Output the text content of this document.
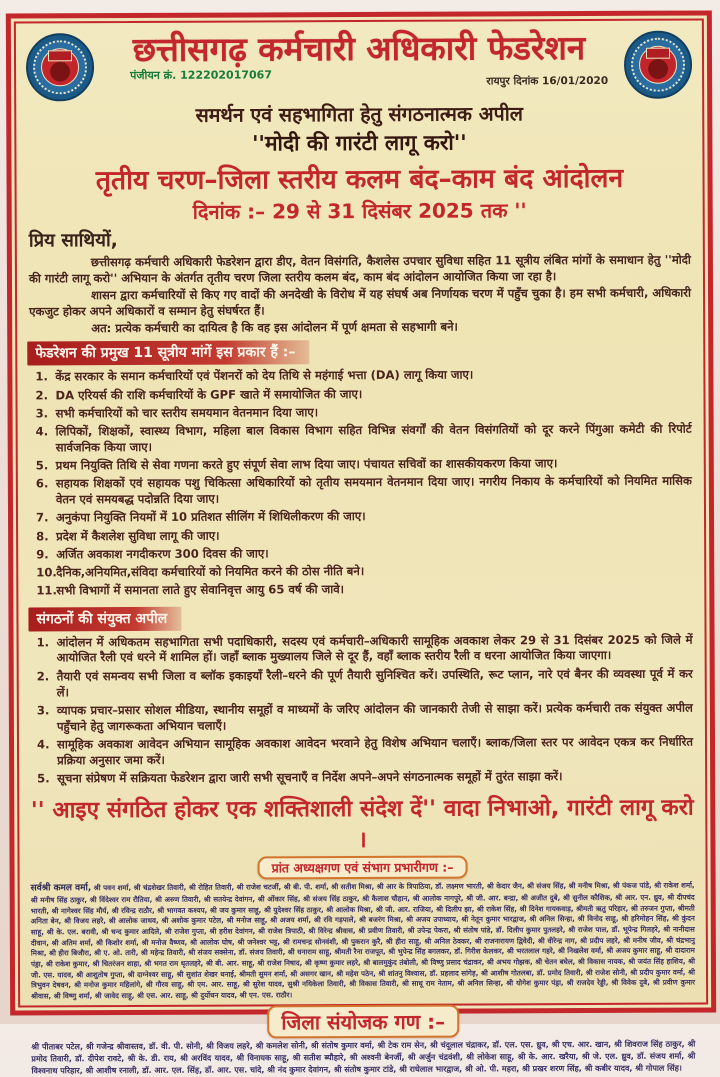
छत्तीसगढ़ कर्मचारी अधिकारी फेडरेशन
पंजीयन क्रं. 122202017067	रायपुर दिनांक 16/01/2020
समर्थन एवं सहभागिता हेतु संगठनात्मक अपील
''मोदी की गारंटी लागू करो''
तृतीय चरण–जिला स्तरीय कलम बंद–काम बंद आंदोलन
दिनांक :– 29 से 31 दिसंबर 2025 तक ''
प्रिय साथियों,

छत्तीसगढ़ कर्मचारी अधिकारी फेडरेशन द्वारा डीए, वेतन विसंगति, कैशलेस उपचार सुविधा सहित 11 सूत्रीय लंबित मांगों के समाधान हेतु ''मोदी की गारंटी लागू करो'' अभियान के अंतर्गत तृतीय चरण जिला स्तरीय कलम बंद, काम बंद आंदोलन आयोजित किया जा रहा है।

शासन द्वारा कर्मचारियों से किए गए वादों की अनदेखी के विरोध में यह संघर्ष अब निर्णायक चरण में पहुँच चुका है। हम सभी कर्मचारी, अधिकारी एकजुट होकर अपने अधिकारों व सम्मान हेतु संघर्षरत हैं।

अत: प्रत्येक कर्मचारी का दायित्व है कि वह इस आंदोलन में पूर्ण क्षमता से सहभागी बने।

फेडरेशन की प्रमुख 11 सूत्रीय मांगें इस प्रकार हैं :–
केंद्र सरकार के समान कर्मचारियों एवं पेंशनरों को देय तिथि से महंगाई भत्ता (DA) लागू किया जाए।
DA एरियर्स की राशि कर्मचारियों के GPF खाते में समायोजित की जाए।
सभी कर्मचारियों को चार स्तरीय समयमान वेतनमान दिया जाए।
लिपिकों, शिक्षकों, स्वास्थ्य विभाग, महिला बाल विकास विभाग सहित विभिन्न संवर्गों की वेतन विसंगतियों को दूर करने पिंगुआ कमेटी की रिपोर्ट सार्वजनिक किया जाए।
प्रथम नियुक्ति तिथि से सेवा गणना करते हुए संपूर्ण सेवा लाभ दिया जाए। पंचायत सचिवों का शासकीयकरण किया जाए।
सहायक शिक्षकों एवं सहायक पशु चिकित्सा अधिकारियों को तृतीय समयमान वेतनमान दिया जाए। नगरीय निकाय के कर्मचारियों को नियमित मासिक वेतन एवं समयबद्ध पदोन्नति दिया जाए।
अनुकंपा नियुक्ति नियमों में 10 प्रतिशत सीलिंग में शिथिलीकरण की जाए।
प्रदेश में कैशलेश सुविधा लागू की जाए।
अर्जित अवकाश नगदीकरण 300 दिवस की जाए।
दैनिक,अनियमित,संविदा कर्मचारियों को नियमित करने की ठोस नीति बने।
सभी विभागों में समानता लाते हुए सेवानिवृत्त आयु 65 वर्ष की जावे।
संगठनों की संयुक्त अपील
आंदोलन में अधिकतम सहभागिता सभी पदाधिकारी, सदस्य एवं कर्मचारी–अधिकारी सामूहिक अवकाश लेकर 29 से 31 दिसंबर 2025 को जिले में आयोजित रैली एवं धरने में शामिल हों। जहाँ ब्लाक मुख्यालय जिले से दूर हैं, वहाँ ब्लाक स्तरीय रैली व धरना आयोजित किया जाएगा।
तैयारी एवं समन्वय सभी जिला व ब्लॉक इकाइयाँ रैली–धरने की पूर्ण तैयारी सुनिश्चित करें। उपस्थिति, रूट प्लान, नारे एवं बैनर की व्यवस्था पूर्व में कर लें।
व्यापक प्रचार–प्रसार सोशल मीडिया, स्थानीय समूहों व माध्यमों के जरिए आंदोलन की जानकारी तेजी से साझा करें। प्रत्येक कर्मचारी तक संयुक्त अपील पहुँचाने हेतु जागरूकता अभियान चलाएँ।
सामूहिक अवकाश आवेदन अभियान सामूहिक अवकाश आवेदन भरवाने हेतु विशेष अभियान चलाएँ। ब्लाक/जिला स्तर पर आवेदन एकत्र कर निर्धारित प्रक्रिया अनुसार जमा करें।
सूचना संप्रेषण में सक्रियता फेडरेशन द्वारा जारी सभी सूचनाएँ व निर्देश अपने–अपने संगठनात्मक समूहों में तुरंत साझा करें।
'' आइए संगठित होकर एक शक्तिशाली संदेश दें'' वादा निभाओ, गारंटी लागू करो ।
प्रांत अध्यक्षगण एवं संभाग प्रभारीगण :–

सर्वश्री कमल वर्मा, श्री पवन शर्मा, श्री चंद्रशेखर तिवारी, श्री रोहित तिवारी, श्री राजेश चटर्जी, श्री बी. पी. शर्मा, श्री सतीश मिश्रा, श्री आर के त्रिपाठिया, डॉ. लक्ष्मण भारती, श्री केदार जैन, श्री संजय सिंह, श्री मनीष मिश्रा, श्री पंकज पांडे, श्री राकेश शर्मा, श्री मनीष सिंह ठाकुर, श्री विंदेश्वर राम रौतिया, श्री अरुण तिवारी, श्री सतयेन्द्र देवांगन, श्री ओंकार सिंह, श्री संजय सिंह ठाकुर, श्री कैलाश चौहान, श्री आलोक नागपुरे, श्री जी. आर. बन्द्रा, श्री अजीत दुबे, श्री सुनील कौशिक, श्री आर. एन. ध्रुव, श्री दीपचंद भारती, श्री नागेश्वर सिंह मौर्य, श्री रविन्द्र राठौर, श्री भागवत कश्यप, श्री जय कुमार साहू, श्री युदेश्वर सिंह ठाकुर, श्री आलोक मिश्रा, श्री जी. आर. राजिया, श्री दिलीप झा, श्री राकेश सिंह, श्री दिनेश गायकवाड़, श्रीमती ऋतु परिहार, श्री तरुजन गुप्ता, श्रीमती अनिता बेन, श्री विजय लहरे, श्री आलोक जाधव, श्री अशोक कुमार पटेल, श्री मनोज साहू, श्री अजय शर्मा, श्री रवि गड़पाले, श्री बजरंग मिश्रा, श्री अजय उपाध्याय, श्री नेतून कुमार भारद्वाज, श्री अनिल सिन्हा, श्री विनोद साहू, श्री हरिमोहन सिंह, श्री कुंदन साहू, श्री के. एल. बरावी, श्री चन्द कुमार आदिले, श्री राजेश गुप्ता, श्री हरीश देवांगन, श्री राजेश त्रिपाठी, श्री विरेन्द्र श्रीवास, श्री प्रवीण तिवारी, श्री उपेन्द्र पेकरा, श्री संतोष पांडे, डॉ. दिलीप कुमार पुतलहरे, श्री राजेश पाल, डॉ. भूपेन्द्र गिलहरे, श्री नानीदास दीवान, श्री अतिम शर्मा, श्री किशोर शर्मा, श्री मनोज वैष्णव, श्री आलोक घोष, श्री जनेश्वर भट्ट, श्री रामचन्द्र सोनवंशी, श्री पुकरान कुरै, श्री हीरा साहू, श्री अनिल ठेवकर, श्री राजनारायण द्विवेदी, श्री वीरेन्द्र नाग, श्री प्रदीप लहरे, श्री मनीष जीव, श्री चंद्रभानु मिश्रा, श्री हीरा बिजौरा, श्री ए. ओ. तारी, श्री महेन्द्र तिवारी, श्री संजय सक्सेना, डॉ. संजय तिवारी, श्री धनाराम साहू, श्रीमती रैना राजपूत, श्री भुपेन्द्र सिंह बगलकर, डॉ. गिरीश केलकर, श्री भरतलाल गहरे, श्री निखलेश वर्मा, श्री अजय कुमार साहू, श्री दादाराम पंड्रा, श्री राकेश कुमार, श्री चितरंजन शाहा, श्री भगत राम धृतलहरे, श्री बी. आर. साहू, श्री राजेश निषाद, श्री कृष्ण कुमार लहरे, श्री बालमुकुंद तंबोली, श्री विष्णु प्रसाद चंद्राकर, श्री अभय गोझक, श्री चेतन बघेल, श्री विकास नायक, श्री जयंत सिंह हाशिय, श्री जी. एस. यादव, श्री आशुतोष गुप्ता, श्री दाग्नेश्वर साहू, श्री सुशांत शेखर धनाई, श्रीमती सुमन शर्मा, श्री असगर खान, श्री महेश पठेन, श्री शांतनु विश्वास, डॉ. प्रहलाद सांगेड़, श्री आशीष गोतलबा, डॉ. प्रमोद तिवारी, श्री राजेश सोनी, श्री प्रदीप कुमार वर्मा, श्री त्रिभुवन देषवन, श्री मनोज कुमार महिलांगे, श्री गौरव साहू, श्री एम. आर. साहू, श्री सुरेश यादव, सुश्री नयिकेला तिवारी, श्री विकास तिवारी, श्री साधू राम नेताम, श्री अनिल सिन्हा, श्री योगेश कुमार पंड्रा, श्री राजदेव रेड्डी, श्री विवेक दुबे, श्री प्रवीण कुमार श्रीवास, श्री विष्णु शर्मा, श्री जावेद साहू, श्री एस. आर. साहू, श्री दुर्योधन यादव, श्री एन. एस. राठौर।

जिला संयोजक गण :–

श्री पीताबर पटेल, श्री गजेन्द्र श्रीवास्तव, डॉ. वी. पी. सोनी, श्री विजय लहरे, श्री कमलेश सोनी, श्री संतोष कुमार वर्मा, श्री टेक राम सेन, श्री चंदूलाल चंद्राकर, डॉ. एल. एस. ध्रुव, श्री एच. आर. खान, श्री शिवराज सिंह ठाकुर, श्री प्रमोद तिवारी, डॉ. दीपेश रावटे, श्री के. डी. राय, श्री अरविंद यादव, श्री विनायक साहू, श्री सतीश ब्यौहारे, श्री अश्वनी बेनर्जी, श्री अर्जुन चंद्रवंशी, श्री लोकेश साहू, श्री के. आर. खरैया, श्री जे. एल. ध्रुव, डॉ. संजय शर्मा, श्री विश्वनाथ परिहार, श्री आशीष रनाली, डॉ. आर. एल. सिंह, डॉ. आर. एस. चांदे, श्री नंद कुमार देवांगन, श्री संतोष कुमार टांडे, श्री राधेलाल भारद्वाज, श्री ओ. पी. महरा, श्री प्रखर शरण सिंह, श्री कबीर यादव, श्री गोपाल सिंह।
